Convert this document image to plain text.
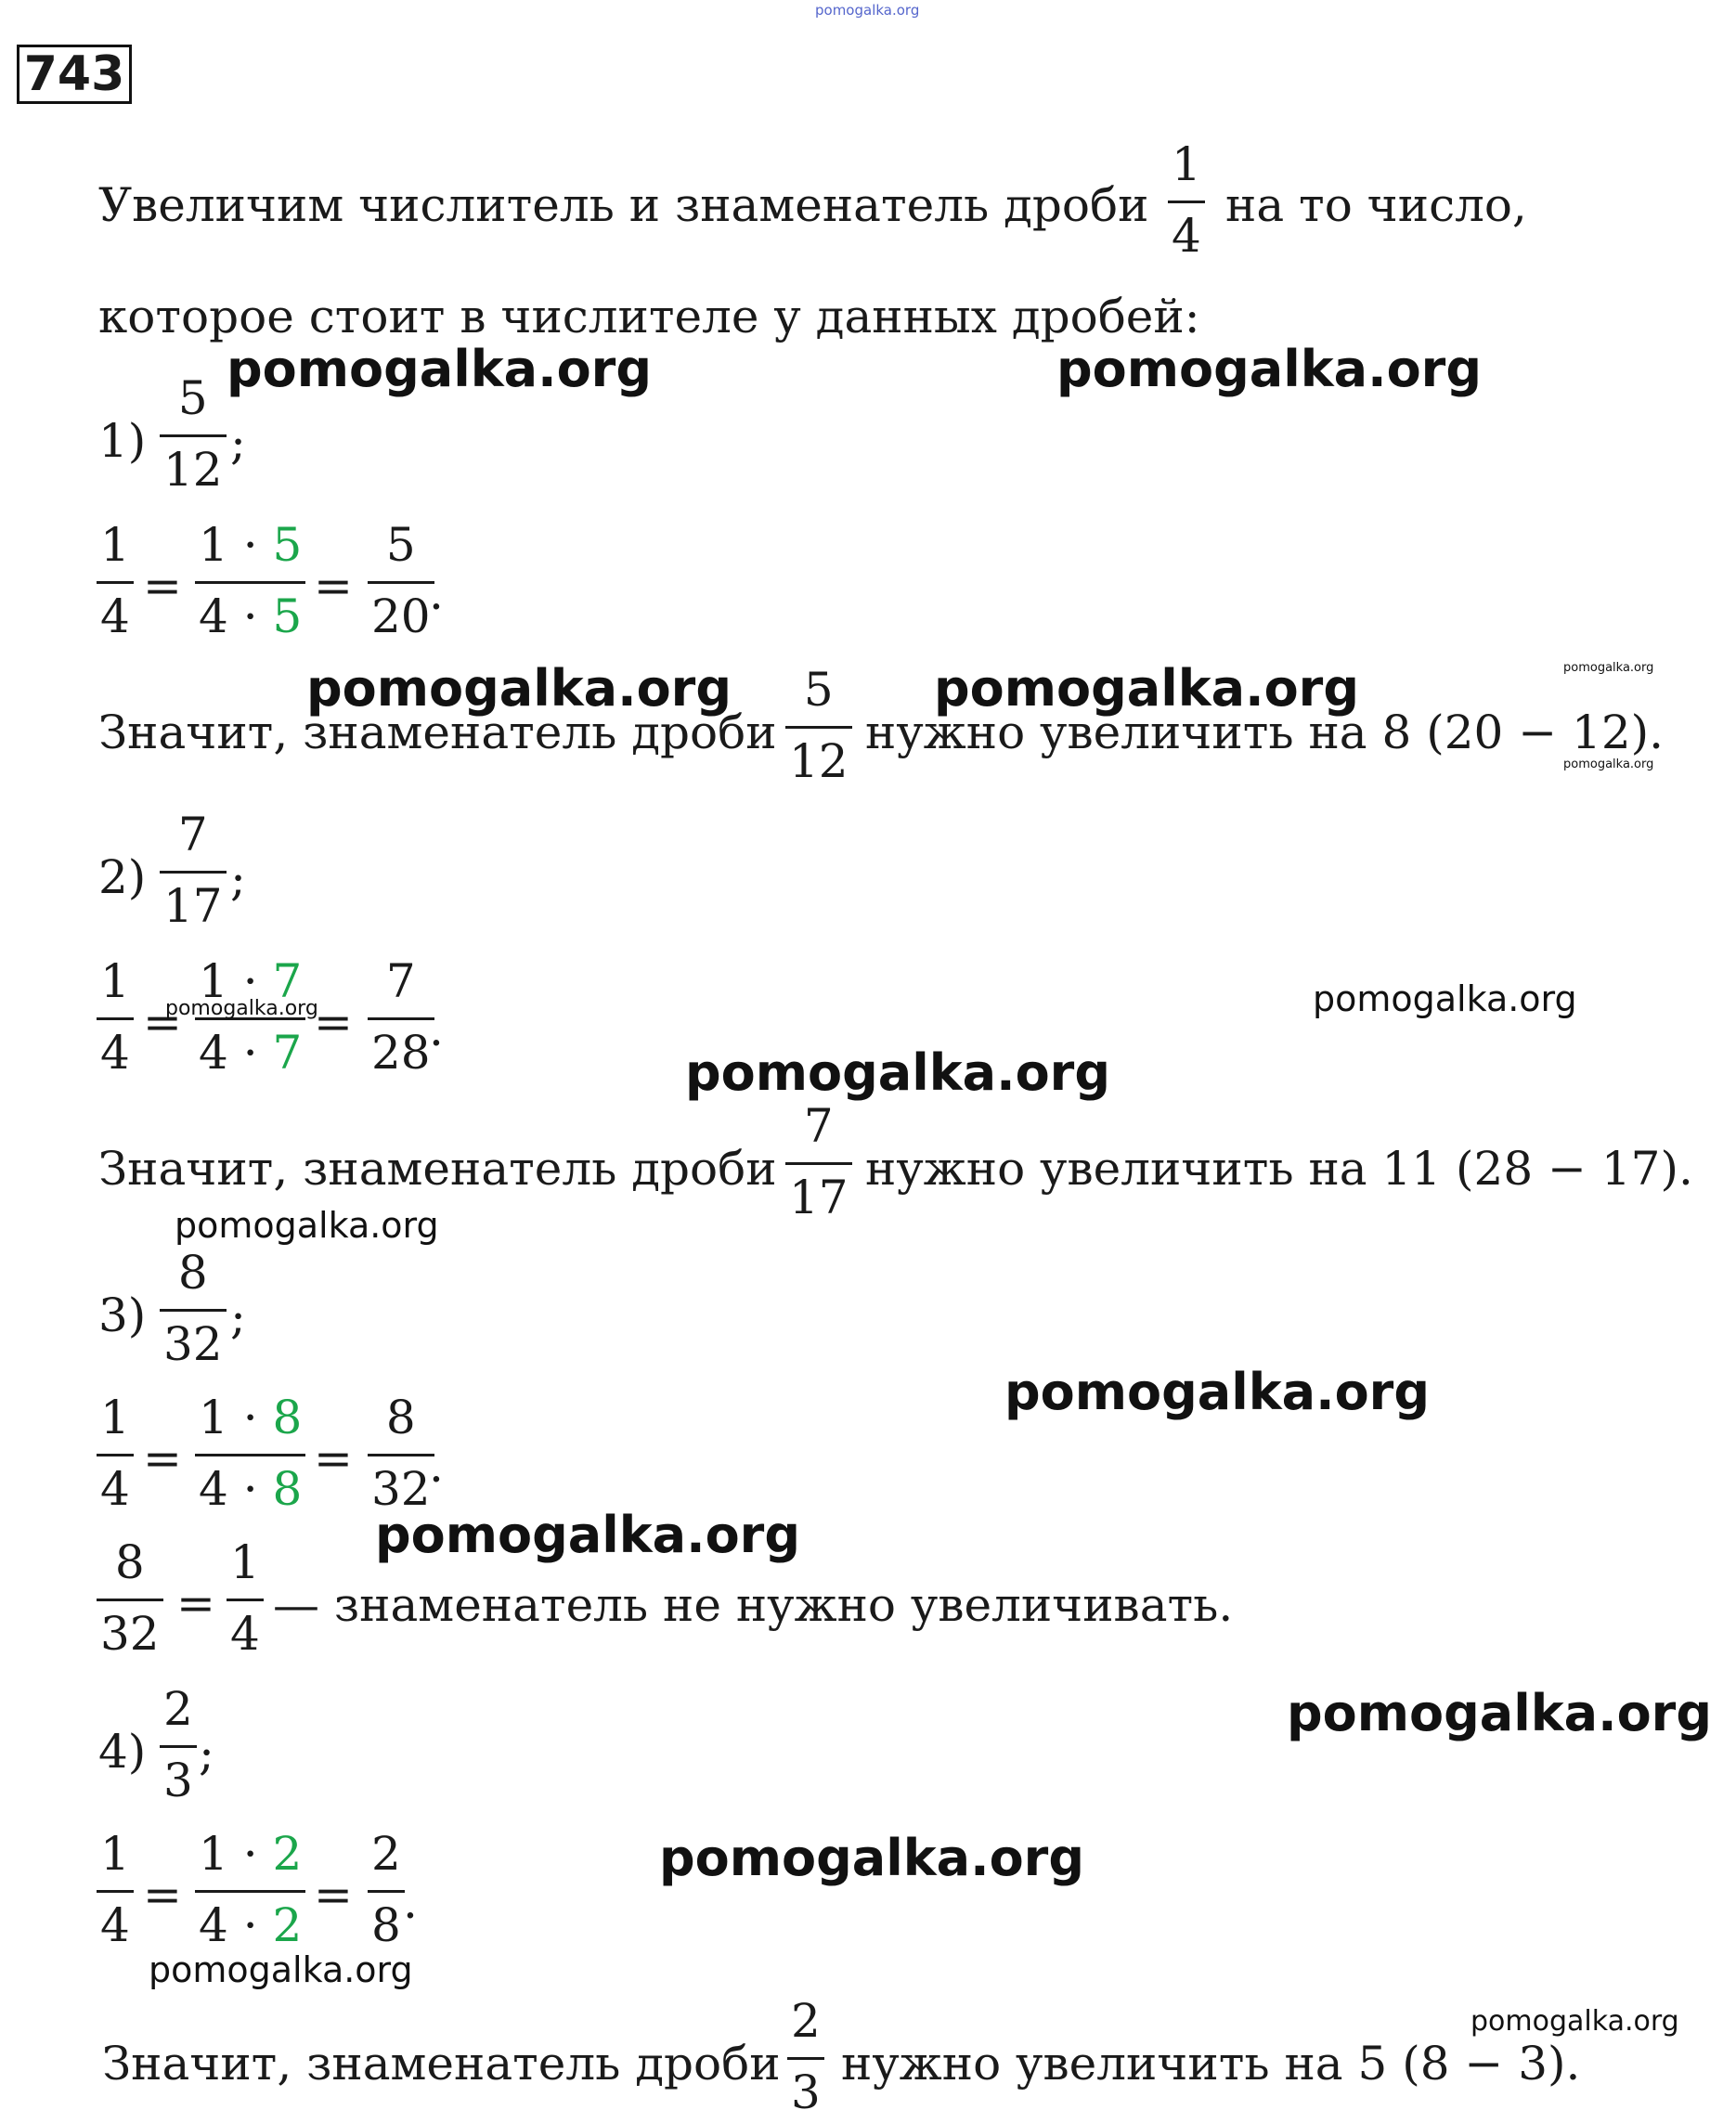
pomogalka.org
743
Увеличим числитель и знаменатель дроби
1
4
на то число,
которое стоит в числителе у данных дробей:
1)
5
12 ;
1
4
=
1 · 5
4 · 5
=
5
20
.
Значит, знаменатель дроби
5
12
нужно увеличить на 8 (20 − 12).
2)
7
17 ;
1
4
=
1 · 7
4 · 7
=
7
28
.
Значит, знаменатель дроби
7
17
нужно увеличить на 11 (28 − 17).
3)
8
32 ;
1
4
=
1 · 8
4 · 8
=
8
32
.
8
32
=
1
4
— знаменатель не нужно увеличивать.
4)
2
3 ;
1
4
=
1 · 2
4 · 2
=
2
8 .
Значит, знаменатель дроби
2
3
нужно увеличить на 5 (8 − 3).
pomogalka.org	pomogalka.org
pomogalka.org	pomogalka.org	pomogalka.org
pomogalka.org
pomogalka.org
pomogalka.org
pomogalka.org
pomogalka.org
pomogalka.org
pomogalka.org
pomogalka.org
pomogalka.org
pomogalka.org
pomogalka.org
